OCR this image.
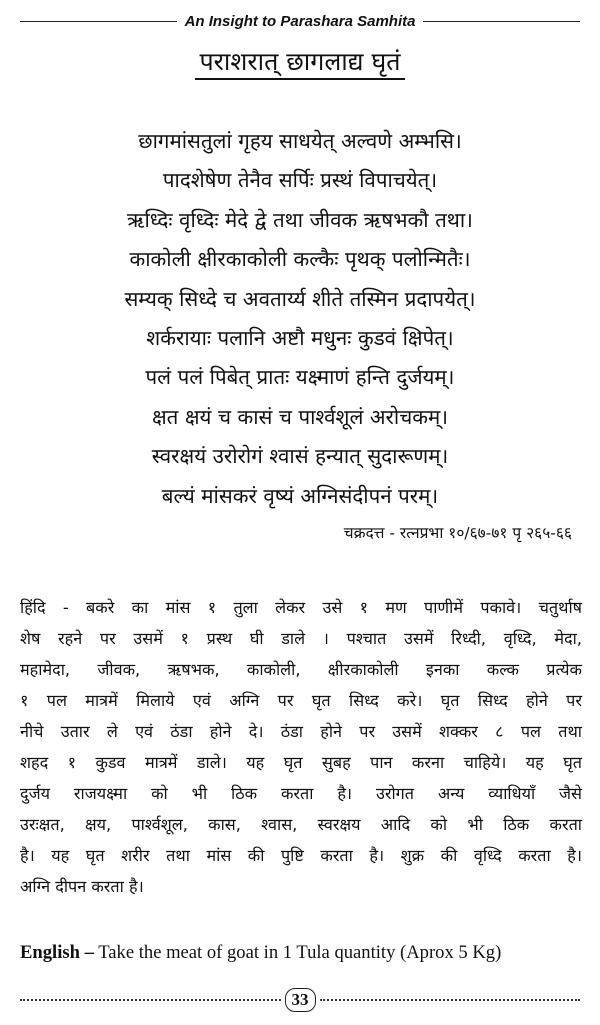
An Insight to Parashara Samhita
पराशरात् छागलाद्य घृतं
छागमांसतुलां गृहय साधयेत् अल्वणे अम्भसि।
पादशेषेण तेनैव सर्पिः प्रस्थं विपाचयेत्।
ऋध्दिः वृध्दिः मेदे द्वे तथा जीवक ऋषभकौ तथा।
काकोली क्षीरकाकोली कल्कैः पृथक् पलोन्मितैः।
सम्यक् सिध्दे च अवतार्य्य शीते तस्मिन प्रदापयेत्।
शर्करायाः पलानि अष्टौ मधुनः कुडवं क्षिपेत्।
पलं पलं पिबेत् प्रातः यक्ष्माणं हन्ति दुर्जयम्।
क्षत क्षयं च कासं च पार्श्वशूलं अरोचकम्।
स्वरक्षयं उरोरोगं श्वासं हन्यात् सुदारूणम्।
बल्यं मांसकरं वृष्यं अग्निसंदीपनं परम्।
चक्रदत्त - रत्नप्रभा १०/६७-७१ पृ २६५-६६
हिंदि - बकरे का मांस १ तुला लेकर उसे १ मण पाणीमें पकावे। चतुर्थाष
शेष रहने पर उसमें १ प्रस्थ घी डाले । पश्चात उसमें रिध्दी, वृध्दि, मेदा,
महामेदा, जीवक, ऋषभक, काकोली, क्षीरकाकोली इनका कल्क प्रत्येक
१ पल मात्रमें मिलाये एवं अग्नि पर घृत सिध्द करे। घृत सिध्द होने पर
नीचे उतार ले एवं ठंडा होने दे। ठंडा होने पर उसमें शक्कर ८ पल तथा
शहद १ कुडव मात्रमें डाले। यह घृत सुबह पान करना चाहिये। यह घृत
दुर्जय राजयक्ष्मा को भी ठिक करता है। उरोगत अन्य व्याधियाँ जैसे
उरःक्षत, क्षय, पार्श्वशूल, कास, श्वास, स्वरक्षय आदि को भी ठिक करता
है। यह घृत शरीर तथा मांस की पुष्टि करता है। शुक्र की वृध्दि करता है।
अग्नि दीपन करता है।
English – Take the meat of goat in 1 Tula quantity (Aprox 5 Kg)
33
